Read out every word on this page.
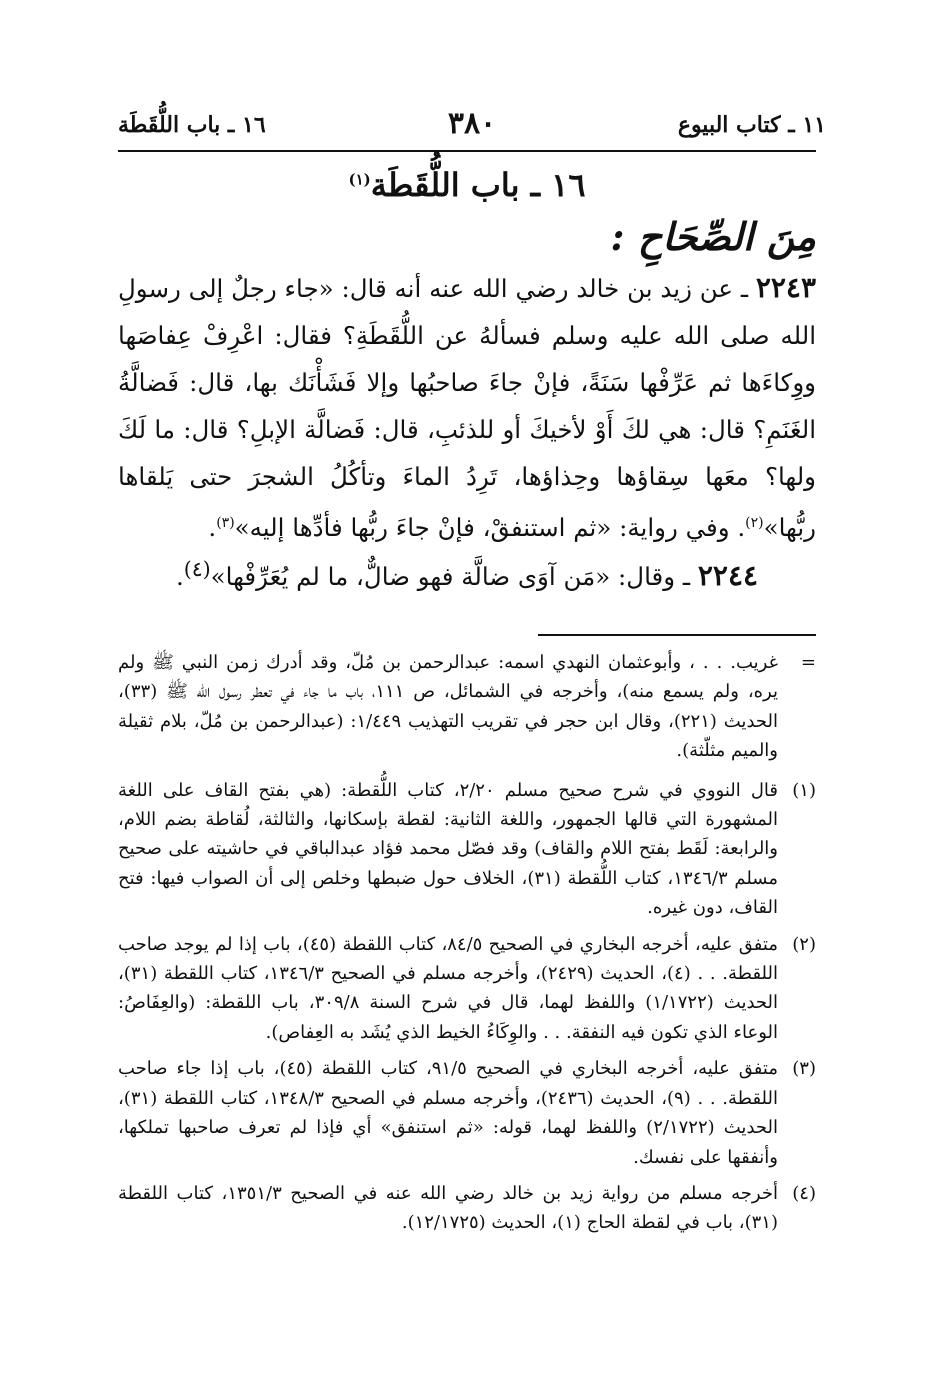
١١ ـ كتاب البيوع
٣٨٠
١٦ ـ باب اللُّقَطَة
١٦ ـ باب اللُّقَطَة$^{(١)}$
مِنَ الصِّحَاحِ :

٢٢٤٣ ـ عن زيد بن خالد رضي الله عنه أنه قال: «جاء رجلٌ إلى رسولِ الله صلى الله عليه وسلم فسألهُ عن اللُّقَطَةِ؟ فقال: اعْرِفْ عِفاصَها ووِكاءَها ثم عَرِّفْها سَنَةً، فإنْ جاءَ صاحبُها وإلا فَشَأْنَك بها، قال: فَضالَّةُ الغَنَمِ؟ قال: هي لكَ أَوْ لأخيكَ أو للذئبِ، قال: فَضالَّة الإبلِ؟ قال: ما لَكَ ولها؟ معَها سِقاؤها وحِذاؤها، تَرِدُ الماءَ وتأكُلُ الشجرَ حتى يَلقاها ربُّها»$^{(٢)}$. وفي رواية: «ثم استنفقْ، فإنْ جاءَ ربُّها فأدِّها إليه»$^{(٣)}$.

٢٢٤٤ ـ وقال: «مَن آوَى ضالَّة فهو ضالٌّ، ما لم يُعَرِّفْها»$^{(٤)}$.
=
غريب. . . ، وأبوعثمان النهدي اسمه: عبدالرحمن بن مُلّ، وقد أدرك زمن النبي ﷺ ولم يره، ولم يسمع منه)، وأخرجه في الشمائل، ص ١١١، باب ما جاء في تعطر رسول الله ﷺ (٣٣)، الحديث (٢٢١)، وقال ابن حجر في تقريب التهذيب ١/٤٤٩: (عبدالرحمن بن مُلّ، بلام ثقيلة والميم مثلّثة).
(١)
قال النووي في شرح صحيح مسلم ٢/٢٠، كتاب اللُّقطة: (هي بفتح القاف على اللغة المشهورة التي قالها الجمهور، واللغة الثانية: لقطة بإسكانها، والثالثة، لُقاطة بضم اللام، والرابعة: لَقَط بفتح اللام والقاف) وقد فصّل محمد فؤاد عبدالباقي في حاشيته على صحيح مسلم ١٣٤٦/٣، كتاب اللُّقطة (٣١)، الخلاف حول ضبطها وخلص إلى أن الصواب فيها: فتح القاف، دون غيره.
(٢)
متفق عليه، أخرجه البخاري في الصحيح ٨٤/٥، كتاب اللقطة (٤٥)، باب إذا لم يوجد صاحب اللقطة. . . (٤)، الحديث (٢٤٢٩)، وأخرجه مسلم في الصحيح ١٣٤٦/٣، كتاب اللقطة (٣١)، الحديث (١/١٧٢٢) واللفظ لهما، قال في شرح السنة ٣٠٩/٨، باب اللقطة: (والعِفَاصُ: الوعاء الذي تكون فيه النفقة. . . والوِكَاءُ الخيط الذي يُشَد به العِفاص).
(٣)
متفق عليه، أخرجه البخاري في الصحيح ٩١/٥، كتاب اللقطة (٤٥)، باب إذا جاء صاحب اللقطة. . . (٩)، الحديث (٢٤٣٦)، وأخرجه مسلم في الصحيح ١٣٤٨/٣، كتاب اللقطة (٣١)، الحديث (٢/١٧٢٢) واللفظ لهما، قوله: «ثم استنفق» أي فإذا لم تعرف صاحبها تملكها، وأنفقها على نفسك.
(٤)
أخرجه مسلم من رواية زيد بن خالد رضي الله عنه في الصحيح ١٣٥١/٣، كتاب اللقطة (٣١)، باب في لقطة الحاج (١)، الحديث (١٢/١٧٢٥).
